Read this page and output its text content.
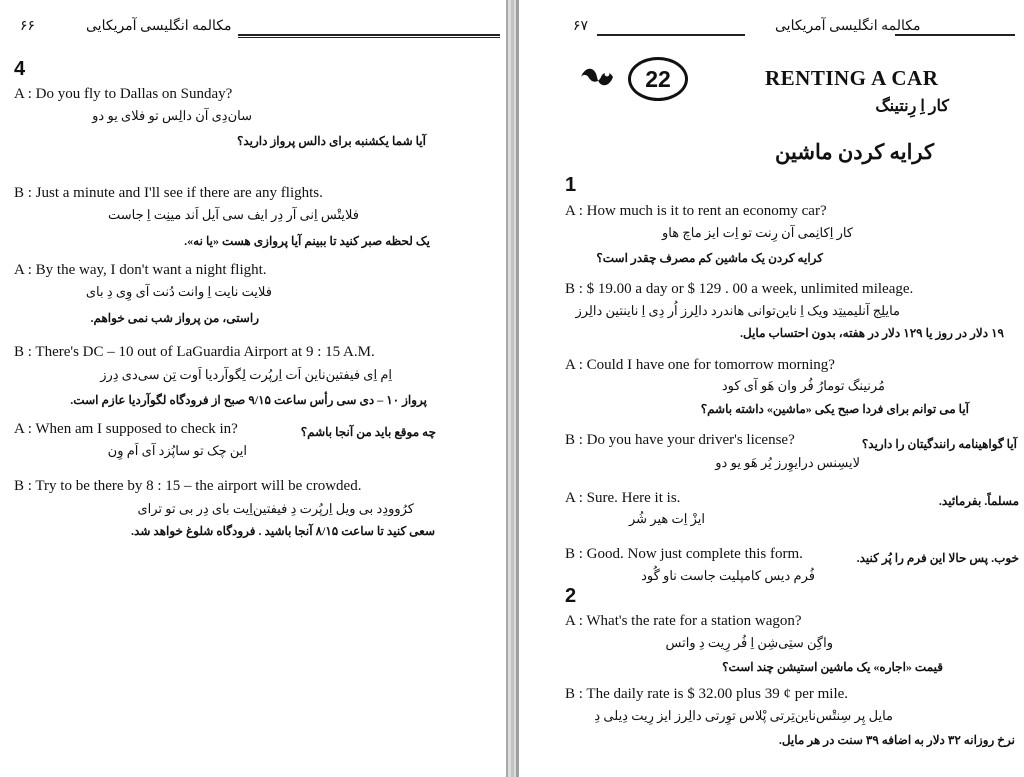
۶۶	مکالمه انگلیسی آمریکایی
4
A : Do you fly to Dallas on Sunday?
سان‌دِی آن دالِس تو فلای یو دو
آیا شما یکشنبه برای دالس پرواز دارید؟
B : Just a minute and I'll see if there are any flights.
فلایتْس اِنی آر دِر ایف سی آیل اَند مینِت اِ جاست
یک لحظه صبر کنید تا ببینم آیا پروازی هست «یا نه».
A : By the way, I don't want a night flight.
فلایت نایت اِ وانت دُنت آی وِی دِ بای
راستی، من پرواز شب نمی خواهم.
B : There's DC – 10 out of LaGuardia Airport at 9 : 15 A.M.
اِم اِی فیفتین‌ناین اَت اِرپُرت لِگوآردیا اَوت تِن سی‌دی دِرز
پرواز ۱۰ – دی سی رأس ساعت ۹/۱۵ صبح از فرودگاه لگوآردیا عازم است.
A : When am I supposed to check in?
این چک تو ساپُزد آی اَم وِن
چه موقع باید من آنجا باشم؟
B : Try to be there by 8 : 15 – the airport will be crowded.
کرُوودِد بی ویل اِرپُرت دِ فیفتین‌اِیت بای دِر بی تو ترای
سعی کنید تا ساعت ۸/۱۵ آنجا باشید . فرودگاه شلوغ خواهد شد.
۶۷	مکالمه انگلیسی آمریکایی
22	RENTING A CAR
کار اِ رِنتینگ
کرایه کردن ماشین
1
A : How much is it to rent an economy car?
کار اِکانِمی آن رِنت تو اِت ایز ماچ هاو
کرایه کردن یک ماشین کم مصرف چقدر است؟
B : $ 19.00 a day or $ 129 . 00 a week, unlimited mileage.
مایلِج آنلیمیتِد ویک اِ ناین‌توانی هاندرد دالِرز اُر دِی اِ ناینتین دالِرز
۱۹ دلار در روز یا ۱۲۹ دلار در هفته، بدون احتساب مایل.
A : Could I have one for tomorrow morning?
مُرنینگ تومارُ فُر وان هَو آی کود
آیا می توانم برای فردا صبح یکی «ماشین» داشته باشم؟
B : Do you have your driver's license?
لایسِنس درایوِرز یُر هَو یو دو
آیا گواهینامه رانندگیتان را دارید؟
A : Sure. Here it is.
ایزْ اِت هیر شُر
مسلماً. بفرمائید.
B : Good. Now just complete this form.
فُرم دیس کامپلیت جاست ناو گُود
خوب. پس حالا این فرم را پُر کنید.
2
A : What's the rate for a station wagon?
واگِن ستِی‌شِن اِ فُر رِیت دِ واتس
قیمت «اجاره» یک ماشین استیشن چند است؟
B : The daily rate is $ 32.00 plus 39 ¢ per mile.
مایل پِر سِنتْس‌ناین‌تِرتی پْلاس توِرتی دالِرز ایز رِیت دِیلی دِ
نرخ روزانه ۳۲ دلار به اضافه ۳۹ سنت در هر مایل.
